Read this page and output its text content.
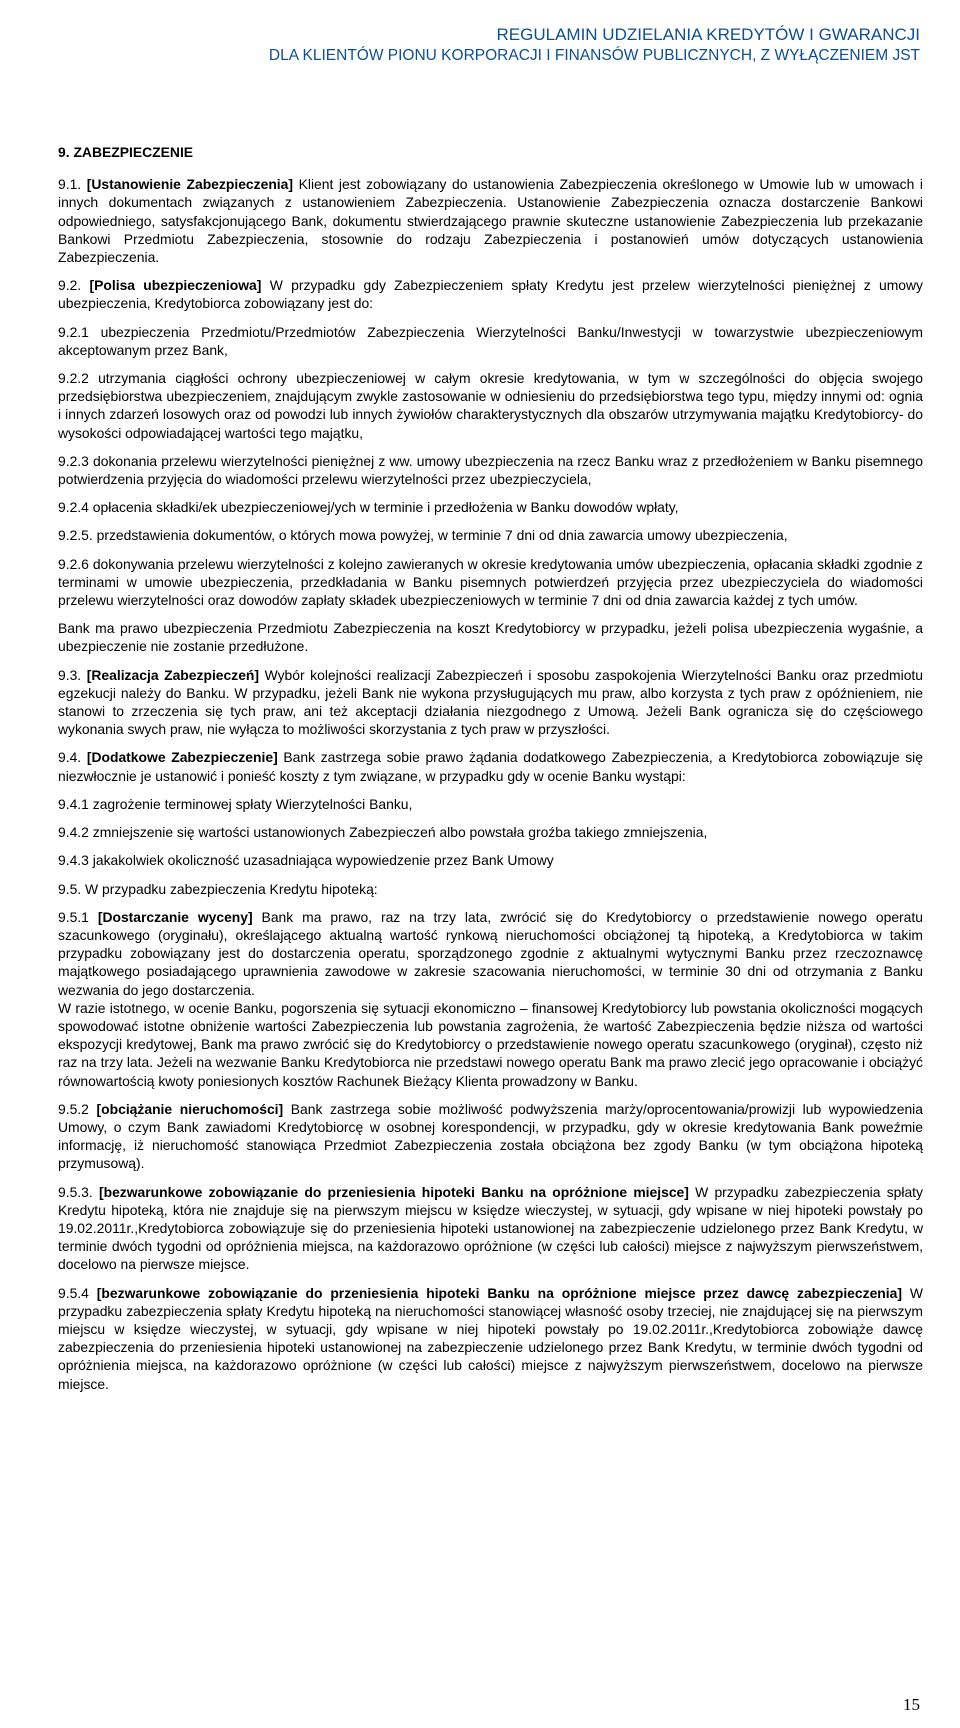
REGULAMIN UDZIELANIA KREDYTÓW I GWARANCJI
DLA KLIENTÓW PIONU KORPORACJI I FINANSÓW PUBLICZNYCH, Z WYŁĄCZENIEM JST

9. ZABEZPIECZENIE

9.1. [Ustanowienie Zabezpieczenia] Klient jest zobowiązany do ustanowienia Zabezpieczenia określonego w Umowie lub w umowach i innych dokumentach związanych z ustanowieniem Zabezpieczenia. Ustanowienie Zabezpieczenia oznacza dostarczenie Bankowi odpowiedniego, satysfakcjonującego Bank, dokumentu stwierdzającego prawnie skuteczne ustanowienie Zabezpieczenia lub przekazanie Bankowi Przedmiotu Zabezpieczenia, stosownie do rodzaju Zabezpieczenia i postanowień umów dotyczących ustanowienia Zabezpieczenia.

9.2. [Polisa ubezpieczeniowa] W przypadku gdy Zabezpieczeniem spłaty Kredytu jest przelew wierzytelności pieniężnej z umowy ubezpieczenia, Kredytobiorca zobowiązany jest do:

9.2.1 ubezpieczenia Przedmiotu/Przedmiotów Zabezpieczenia Wierzytelności Banku/Inwestycji w towarzystwie ubezpieczeniowym akceptowanym przez Bank,

9.2.2 utrzymania ciągłości ochrony ubezpieczeniowej w całym okresie kredytowania, w tym w szczególności do objęcia swojego przedsiębiorstwa ubezpieczeniem, znajdującym zwykle zastosowanie w odniesieniu do przedsiębiorstwa tego typu, między innymi od: ognia i innych zdarzeń losowych oraz od powodzi lub innych żywiołów charakterystycznych dla obszarów utrzymywania majątku Kredytobiorcy- do wysokości odpowiadającej wartości tego majątku,

9.2.3 dokonania przelewu wierzytelności pieniężnej z ww. umowy ubezpieczenia na rzecz Banku wraz z przedłożeniem w Banku pisemnego potwierdzenia przyjęcia do wiadomości przelewu wierzytelności przez ubezpieczyciela,

9.2.4 opłacenia składki/ek ubezpieczeniowej/ych w terminie i przedłożenia w Banku dowodów wpłaty,

9.2.5. przedstawienia dokumentów, o których mowa powyżej, w terminie 7 dni od dnia zawarcia umowy ubezpieczenia,

9.2.6 dokonywania przelewu wierzytelności z kolejno zawieranych w okresie kredytowania umów ubezpieczenia, opłacania składki zgodnie z terminami w umowie ubezpieczenia, przedkładania w Banku pisemnych potwierdzeń przyjęcia przez ubezpieczyciela do wiadomości przelewu wierzytelności oraz dowodów zapłaty składek ubezpieczeniowych w terminie 7 dni od dnia zawarcia każdej z tych umów.

Bank ma prawo ubezpieczenia Przedmiotu Zabezpieczenia na koszt Kredytobiorcy w przypadku, jeżeli polisa ubezpieczenia wygaśnie, a ubezpieczenie nie zostanie przedłużone.

9.3. [Realizacja Zabezpieczeń] Wybór kolejności realizacji Zabezpieczeń i sposobu zaspokojenia Wierzytelności Banku oraz przedmiotu egzekucji należy do Banku. W przypadku, jeżeli Bank nie wykona przysługujących mu praw, albo korzysta z tych praw z opóźnieniem, nie stanowi to zrzeczenia się tych praw, ani też akceptacji działania niezgodnego z Umową. Jeżeli Bank ogranicza się do częściowego wykonania swych praw, nie wyłącza to możliwości skorzystania z tych praw w przyszłości.

9.4. [Dodatkowe Zabezpieczenie] Bank zastrzega sobie prawo żądania dodatkowego Zabezpieczenia, a Kredytobiorca zobowiązuje się niezwłocznie je ustanowić i ponieść koszty z tym związane, w przypadku gdy w ocenie Banku wystąpi:

9.4.1 zagrożenie terminowej spłaty Wierzytelności Banku,

9.4.2 zmniejszenie się wartości ustanowionych Zabezpieczeń albo powstała groźba takiego zmniejszenia,

9.4.3 jakakolwiek okoliczność uzasadniająca wypowiedzenie przez Bank Umowy

9.5. W przypadku zabezpieczenia Kredytu hipoteką:

9.5.1 [Dostarczanie wyceny] Bank ma prawo, raz na trzy lata, zwrócić się do Kredytobiorcy o przedstawienie nowego operatu szacunkowego (oryginału), określającego aktualną wartość rynkową nieruchomości obciążonej tą hipoteką, a Kredytobiorca w takim przypadku zobowiązany jest do dostarczenia operatu, sporządzonego zgodnie z aktualnymi wytycznymi Banku przez rzeczoznawcę majątkowego posiadającego uprawnienia zawodowe w zakresie szacowania nieruchomości, w terminie 30 dni od otrzymania z Banku wezwania do jego dostarczenia.

W razie istotnego, w ocenie Banku, pogorszenia się sytuacji ekonomiczno – finansowej Kredytobiorcy lub powstania okoliczności mogących spowodować istotne obniżenie wartości Zabezpieczenia lub powstania zagrożenia, że wartość Zabezpieczenia będzie niższa od wartości ekspozycji kredytowej, Bank ma prawo zwrócić się do Kredytobiorcy o przedstawienie nowego operatu szacunkowego (oryginał), często niż raz na trzy lata. Jeżeli na wezwanie Banku Kredytobiorca nie przedstawi nowego operatu Bank ma prawo zlecić jego opracowanie i obciążyć równowartością kwoty poniesionych kosztów Rachunek Bieżący Klienta prowadzony w Banku.

9.5.2 [obciążanie nieruchomości] Bank zastrzega sobie możliwość podwyższenia marży/oprocentowania/prowizji lub wypowiedzenia Umowy, o czym Bank zawiadomi Kredytobiorcę w osobnej korespondencji, w przypadku, gdy w okresie kredytowania Bank poweźmie informację, iż nieruchomość stanowiąca Przedmiot Zabezpieczenia została obciążona bez zgody Banku (w tym obciążona hipoteką przymusową).

9.5.3. [bezwarunkowe zobowiązanie do przeniesienia hipoteki Banku na opróżnione miejsce] W przypadku zabezpieczenia spłaty Kredytu hipoteką, która nie znajduje się na pierwszym miejscu w księdze wieczystej, w sytuacji, gdy wpisane w niej hipoteki powstały po 19.02.2011r.,Kredytobiorca zobowiązuje się do przeniesienia hipoteki ustanowionej na zabezpieczenie udzielonego przez Bank Kredytu, w terminie dwóch tygodni od opróżnienia miejsca, na każdorazowo opróżnione (w części lub całości) miejsce z najwyższym pierwszeństwem, docelowo na pierwsze miejsce.

9.5.4 [bezwarunkowe zobowiązanie do przeniesienia hipoteki Banku na opróżnione miejsce przez dawcę zabezpieczenia] W przypadku zabezpieczenia spłaty Kredytu hipoteką na nieruchomości stanowiącej własność osoby trzeciej, nie znajdującej się na pierwszym miejscu w księdze wieczystej, w sytuacji, gdy wpisane w niej hipoteki powstały po 19.02.2011r.,Kredytobiorca zobowiąże dawcę zabezpieczenia do przeniesienia hipoteki ustanowionej na zabezpieczenie udzielonego przez Bank Kredytu, w terminie dwóch tygodni od opróżnienia miejsca, na każdorazowo opróżnione (w części lub całości) miejsce z najwyższym pierwszeństwem, docelowo na pierwsze miejsce.

15
